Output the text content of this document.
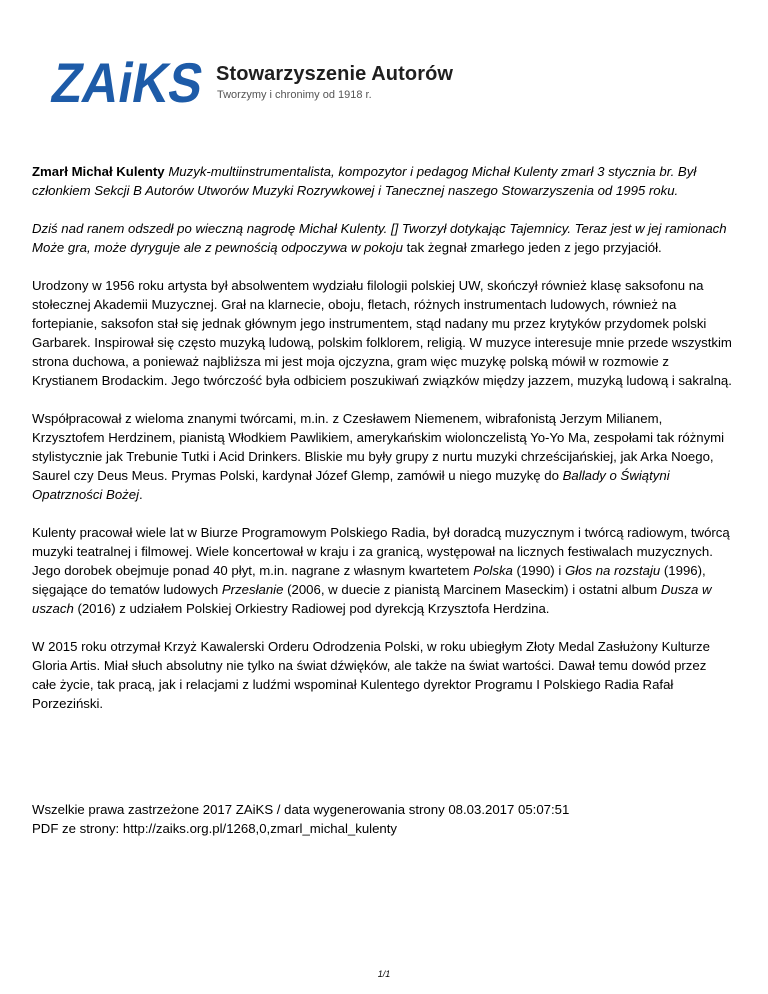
ZAiKS
Stowarzyszenie Autorów
Tworzymy i chronimy od 1918 r.

Zmarł Michał Kulenty Muzyk-multiinstrumentalista, kompozytor i pedagog Michał Kulenty zmarł 3 stycznia br. Był członkiem Sekcji B Autorów Utworów Muzyki Rozrywkowej i Tanecznej naszego Stowarzyszenia od 1995 roku.

Dziś nad ranem odszedł po wieczną nagrodę Michał Kulenty. [] Tworzył dotykając Tajemnicy. Teraz jest w jej ramionach Może gra, może dyryguje ale z pewnością odpoczywa w pokoju tak żegnał zmarłego jeden z jego przyjaciół.

Urodzony w 1956 roku artysta był absolwentem wydziału filologii polskiej UW, skończył również klasę saksofonu na stołecznej Akademii Muzycznej. Grał na klarnecie, oboju, fletach, różnych instrumentach ludowych, również na fortepianie, saksofon stał się jednak głównym jego instrumentem, stąd nadany mu przez krytyków przydomek polski Garbarek. Inspirował się często muzyką ludową, polskim folklorem, religią. W muzyce interesuje mnie przede wszystkim strona duchowa, a ponieważ najbliższa mi jest moja ojczyzna, gram więc muzykę polską mówił w rozmowie z Krystianem Brodackim. Jego twórczość była odbiciem poszukiwań związków między jazzem, muzyką ludową i sakralną.

Współpracował z wieloma znanymi twórcami, m.in. z Czesławem Niemenem, wibrafonistą Jerzym Milianem, Krzysztofem Herdzinem, pianistą Włodkiem Pawlikiem, amerykańskim wiolonczelistą Yo-Yo Ma, zespołami tak różnymi stylistycznie jak Trebunie Tutki i Acid Drinkers. Bliskie mu były grupy z nurtu muzyki chrześcijańskiej, jak Arka Noego, Saurel czy Deus Meus. Prymas Polski, kardynał Józef Glemp, zamówił u niego muzykę do Ballady o Świątyni Opatrzności Bożej.

Kulenty pracował wiele lat w Biurze Programowym Polskiego Radia, był doradcą muzycznym i twórcą radiowym, twórcą muzyki teatralnej i filmowej. Wiele koncertował w kraju i za granicą, występował na licznych festiwalach muzycznych. Jego dorobek obejmuje ponad 40 płyt, m.in. nagrane z własnym kwartetem Polska (1990) i Głos na rozstaju (1996), sięgające do tematów ludowych Przesłanie (2006, w duecie z pianistą Marcinem Maseckim) i ostatni album Dusza w uszach (2016) z udziałem Polskiej Orkiestry Radiowej pod dyrekcją Krzysztofa Herdzina.

W 2015 roku otrzymał Krzyż Kawalerski Orderu Odrodzenia Polski, w roku ubiegłym Złoty Medal Zasłużony Kulturze Gloria Artis. Miał słuch absolutny nie tylko na świat dźwięków, ale także na świat wartości. Dawał temu dowód przez całe życie, tak pracą, jak i relacjami z ludźmi wspominał Kulentego dyrektor Programu I Polskiego Radia Rafał Porzeziński.

Wszelkie prawa zastrzeżone 2017 ZAiKS / data wygenerowania strony 08.03.2017 05:07:51
PDF ze strony: http://zaiks.org.pl/1268,0,zmarl_michal_kulenty
1/1
